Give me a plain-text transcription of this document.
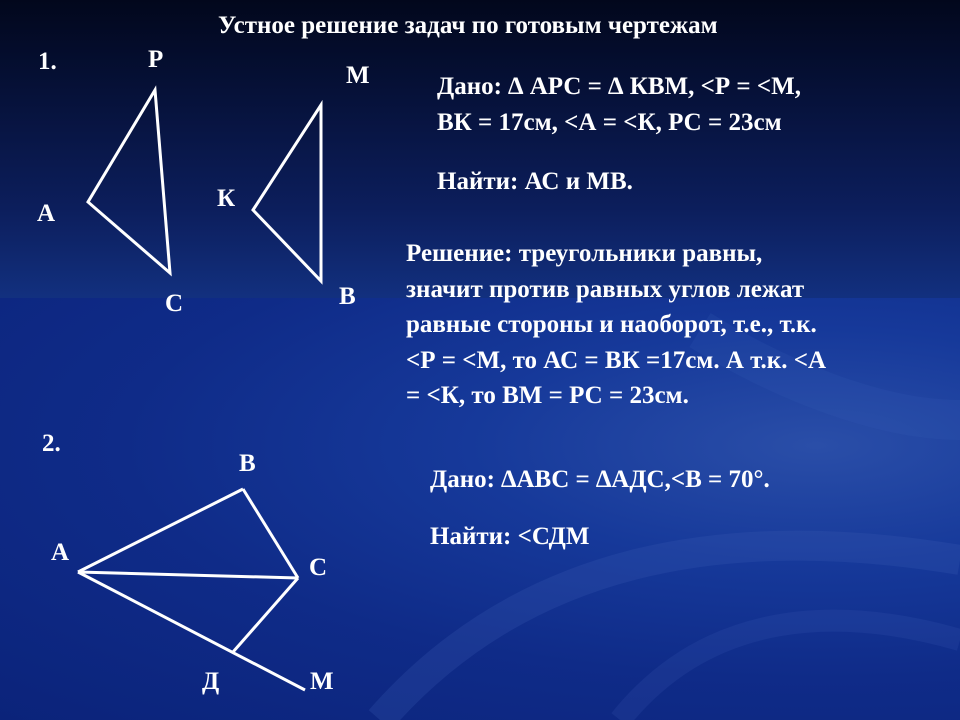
Устное решение задач по готовым чертежам
1.	Р
А
С
М
К
В
Дано: ∆ АРС = ∆ КВМ, <Р = <М,
ВК = 17см, <А = <К, РС = 23см
Найти: АС и МВ.
Решение: треугольники равны,
значит против равных углов лежат
равные стороны и наоборот, т.е., т.к.
<Р = <М, то АС = ВК =17см. А т.к. <А
= <К, то ВМ = РС = 23см.
2.
В
А
С
Д	М
Дано: ∆АВС = ∆АДС,<В = 70°.
Найти: <СДМ
